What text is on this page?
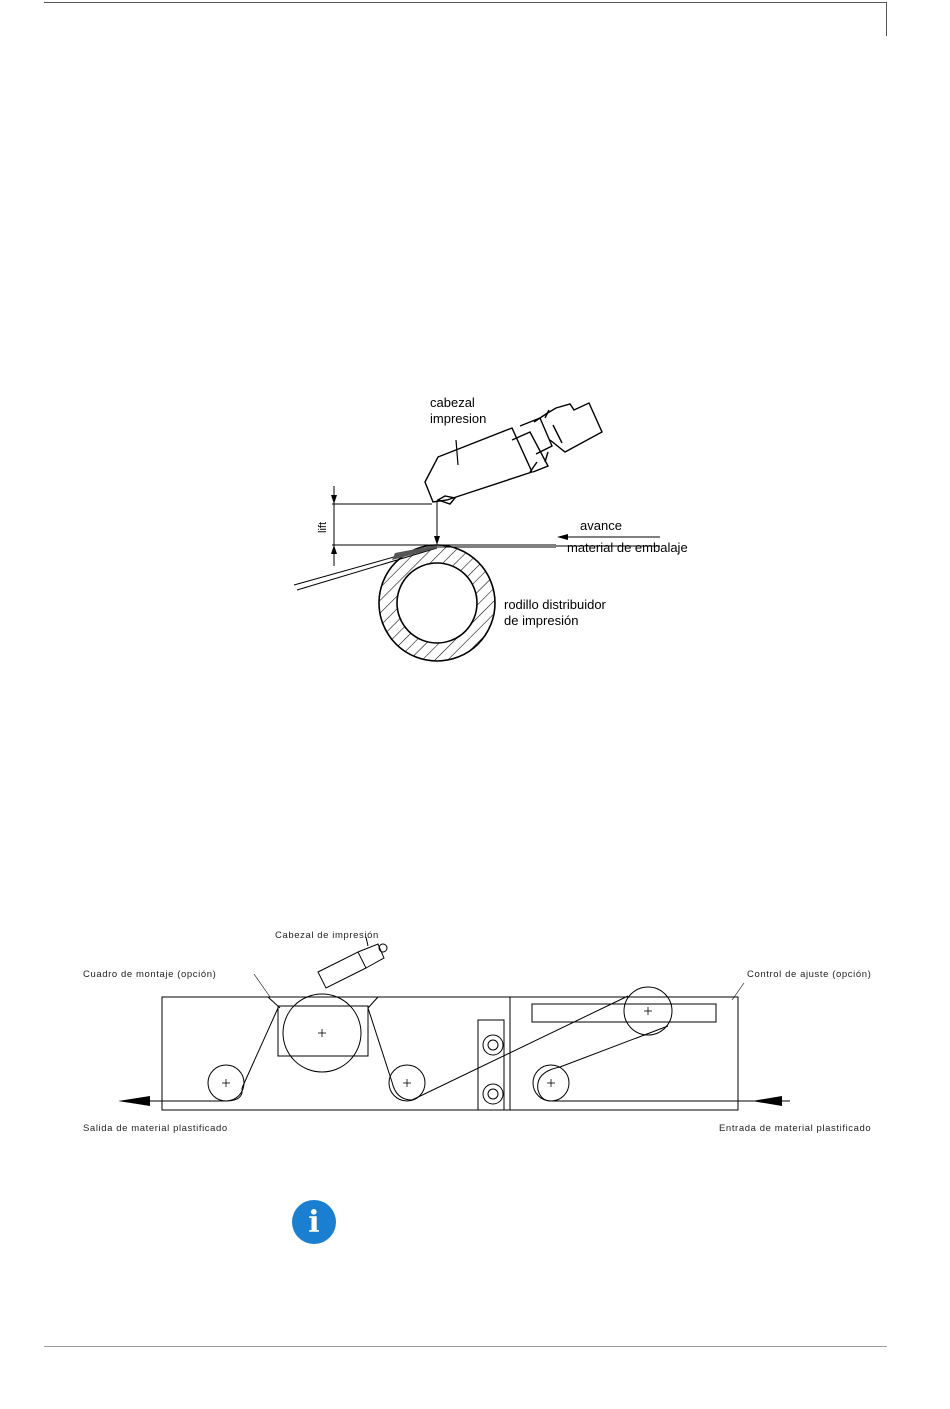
lift
cabezal
impresion
avance
material de embalaje
rodillo distribuidor
de impresión
Cabezal de impresión
Cuadro de montaje (opción)	Control de ajuste (opción)
Salida de material plastificado	Entrada de material plastificado
i
